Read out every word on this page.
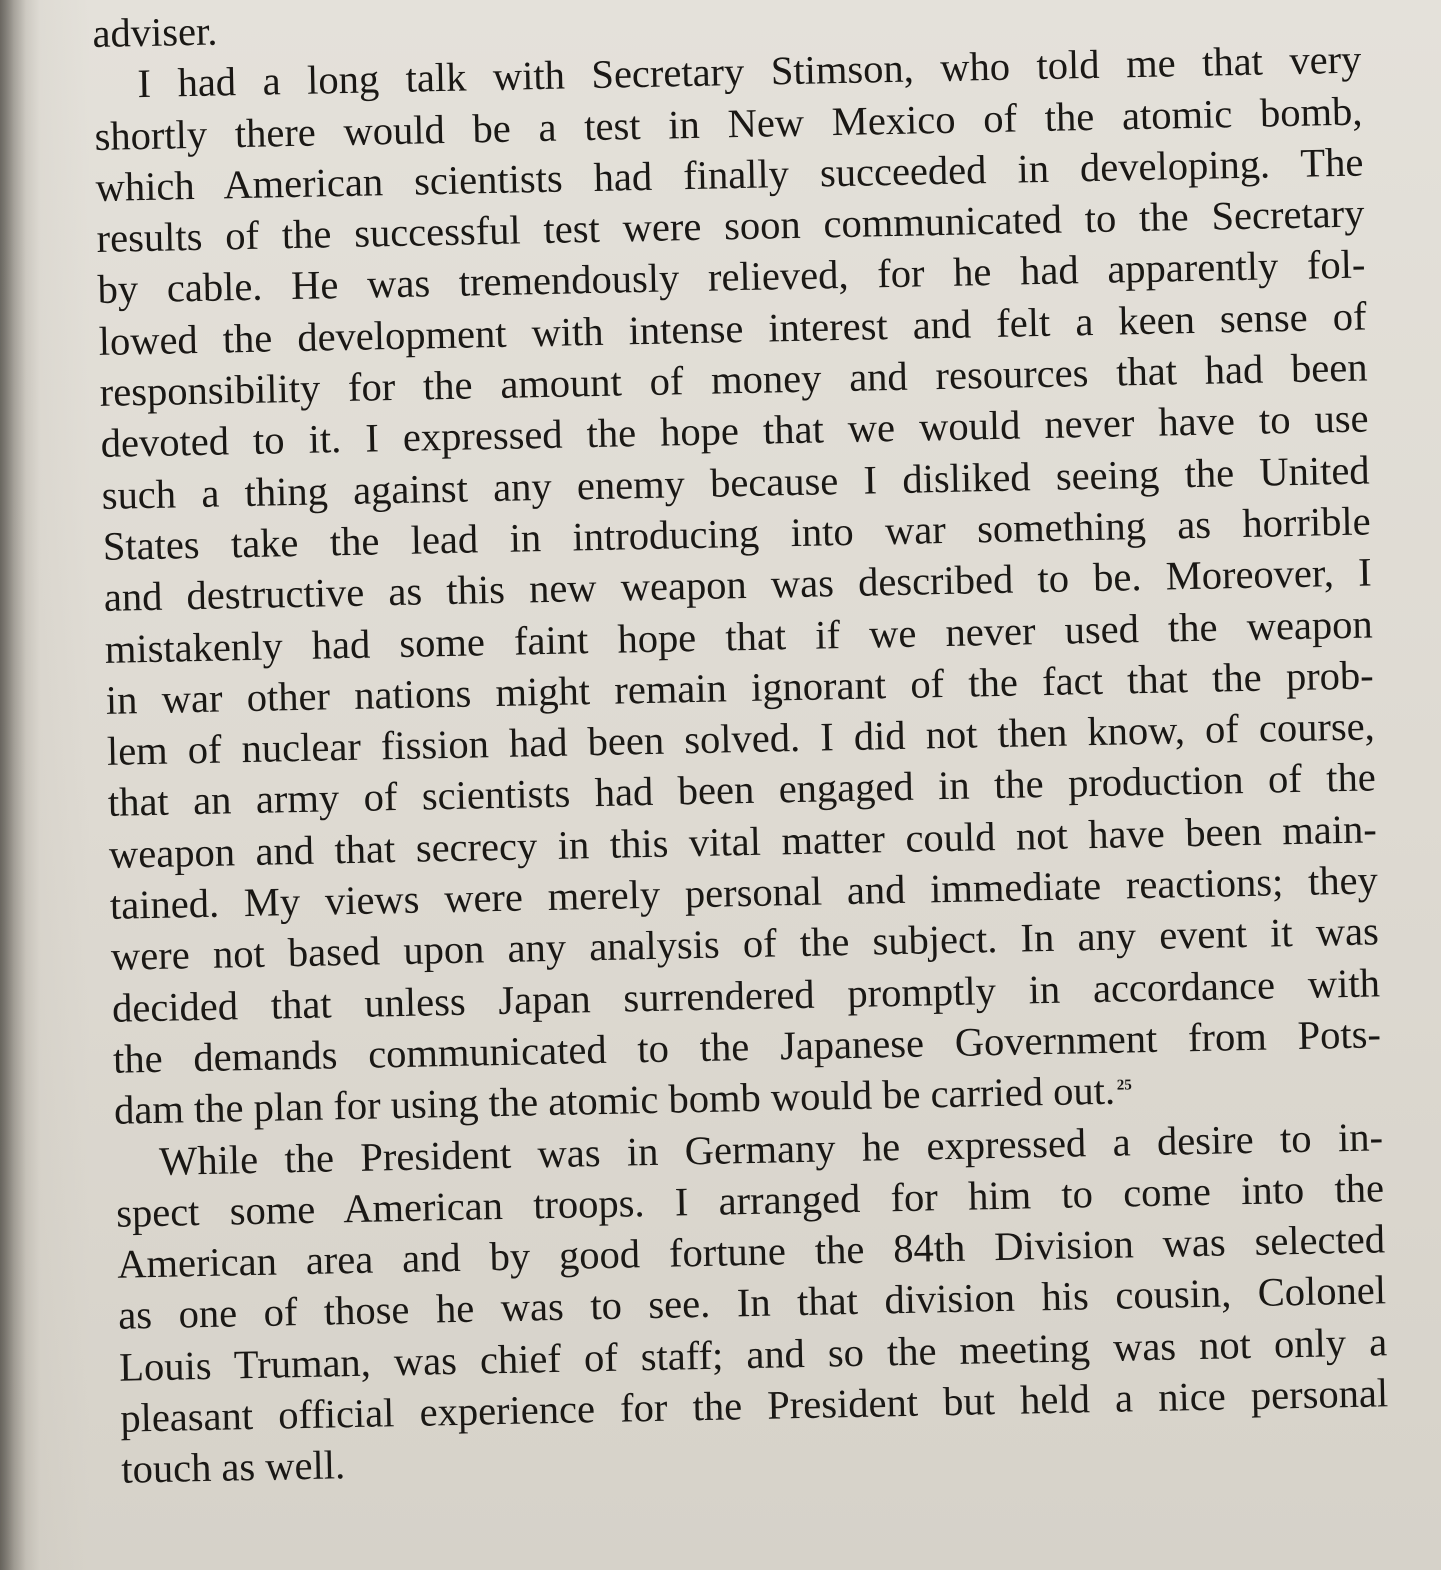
adviser.
I had a long talk with Secretary Stimson, who told me that very
shortly there would be a test in New Mexico of the atomic bomb,
which American scientists had finally succeeded in developing. The
results of the successful test were soon communicated to the Secretary
by cable. He was tremendously relieved, for he had apparently fol-
lowed the development with intense interest and felt a keen sense of
responsibility for the amount of money and resources that had been
devoted to it. I expressed the hope that we would never have to use
such a thing against any enemy because I disliked seeing the United
States take the lead in introducing into war something as horrible
and destructive as this new weapon was described to be. Moreover, I
mistakenly had some faint hope that if we never used the weapon
in war other nations might remain ignorant of the fact that the prob-
lem of nuclear fission had been solved. I did not then know, of course,
that an army of scientists had been engaged in the production of the
weapon and that secrecy in this vital matter could not have been main-
tained. My views were merely personal and immediate reactions; they
were not based upon any analysis of the subject. In any event it was
decided that unless Japan surrendered promptly in accordance with
the demands communicated to the Japanese Government from Pots-
dam the plan for using the atomic bomb would be carried out.$^{25}$
While the President was in Germany he expressed a desire to in-
spect some American troops. I arranged for him to come into the
American area and by good fortune the 84th Division was selected
as one of those he was to see. In that division his cousin, Colonel
Louis Truman, was chief of staff; and so the meeting was not only a
pleasant official experience for the President but held a nice personal
touch as well.
